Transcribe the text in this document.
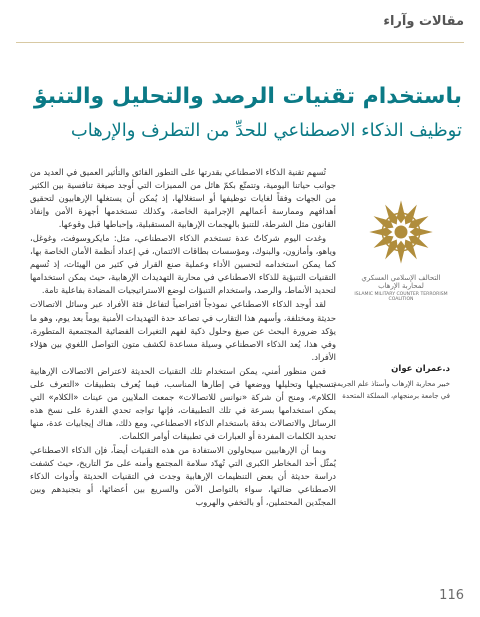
مقالات وآراء
باستخدام تقنيات الرصد والتحليل والتنبؤ
توظيف الذكاء الاصطناعي للحدِّ من التطرف والإرهاب

تُسهم تقنية الذكاء الاصطناعي بقدرتها على التطور الفائق والتأثير العميق في العديد من جوانب حياتنا اليومية، وتتمتّع بكمّ هائل من المميزات التي أوجد صيغة تنافسية بين الكثير من الجهات وفقاً لغايات توظيفها أو استغلالها، إذ يُمكن أن يستغلها الإرهابيون لتحقيق أهدافهم وممارسة أعمالهم الإجرامية الخاصة، وكذلك تستخدمها أجهزة الأمن وإنفاذ القانون مثل الشرطة، للتنبؤ بالهجمات الإرهابية المستقبلية، وإحباطها قبل وقوعها.

وغدت اليوم شركاتٌ عدة تستخدم الذكاء الاصطناعي، مثل: مايكروسوفت، وغوغل، وياهو، وأمازون، والبنوك، ومؤسسات بطاقات الائتمان، في إعداد أنظمة الأمان الخاصة بها، كما يمكن استخدامه لتحسين الأداء وعملية صنع القرار في كثير من الهيئات، إذ تُسهم التقنيات التنبؤية للذكاء الاصطناعي في محاربة التهديدات الإرهابية، حيث يمكن استخدامها لتحديد الأنماط، والرصد، واستخدام التنبؤات لوضع الاستراتيجيات المضادة بفاعلية تامة.

لقد أوجد الذكاء الاصطناعي نموذجاً افتراضياً لتفاعل فئة الأفراد عبر وسائل الاتصالات حديثة ومختلفة، وأسهم هذا التقارب في تصاعد حدة التهديدات الأمنية يوماً بعد يوم، وهو ما يؤكد ضرورة البحث عن صيغ وحلول ذكية لفهم التغيرات الفضائية المجتمعية المتطورة، وفي هذا، يُعد الذكاء الاصطناعي وسيلة مساعدة لكشف متون التواصل اللغوي بين هؤلاء الأفراد.

فمن منظور أمني، يمكن استخدام تلك التقنيات الحديثة لاعتراض الاتصالات الإرهابية بتسجيلها وتحليلها ووضعها في إطارها المناسب، فيما يُعرف بتطبيقات «التعرف على الكلام»، ومنح أن شركة «نوانس للاتصالات» جمعت الملايين من عينات «الكلام» التي يمكن استخدامها بسرعة في تلك التطبيقات، فإنها تواجه تحدي القدرة على نسخ هذه الرسائل والاتصالات بدقة باستخدام الذكاء الاصطناعي، ومع ذلك، هناك إيجابيات عدة، منها تحديد الكلمات المفردة أو العبارات في تطبيقات أوامر الكلمات.

وبما أن الإرهابيين سيحاولون الاستفادة من هذه التقنيات أيضاً، فإن الذكاء الاصطناعي يُمثّل أحد المخاطر الكبرى التي تُهدّد سلامة المجتمع وأمنه على مرّ التاريخ، حيث كشفت دراسة حديثة أن بعض التنظيمات الإرهابية وجدت في التقنيات الحديثة وأدوات الذكاء الاصطناعي ضالتها، سواء بالتواصل الآمن والسريع بين أعضائها، أو بتجنيدهم وبين المجنّدين المحتملين، أو بالتخفي والهروب

التحالف الإسلامي العسكري لمحاربة الإرهاب
ISLAMIC MILITARY COUNTER TERRORISM COALITION
د.عمران عوان
خبير محاربة الإرهاب وأستاذ علم الجريمة في جامعة برمنجهام، المملكة المتحدة
116
